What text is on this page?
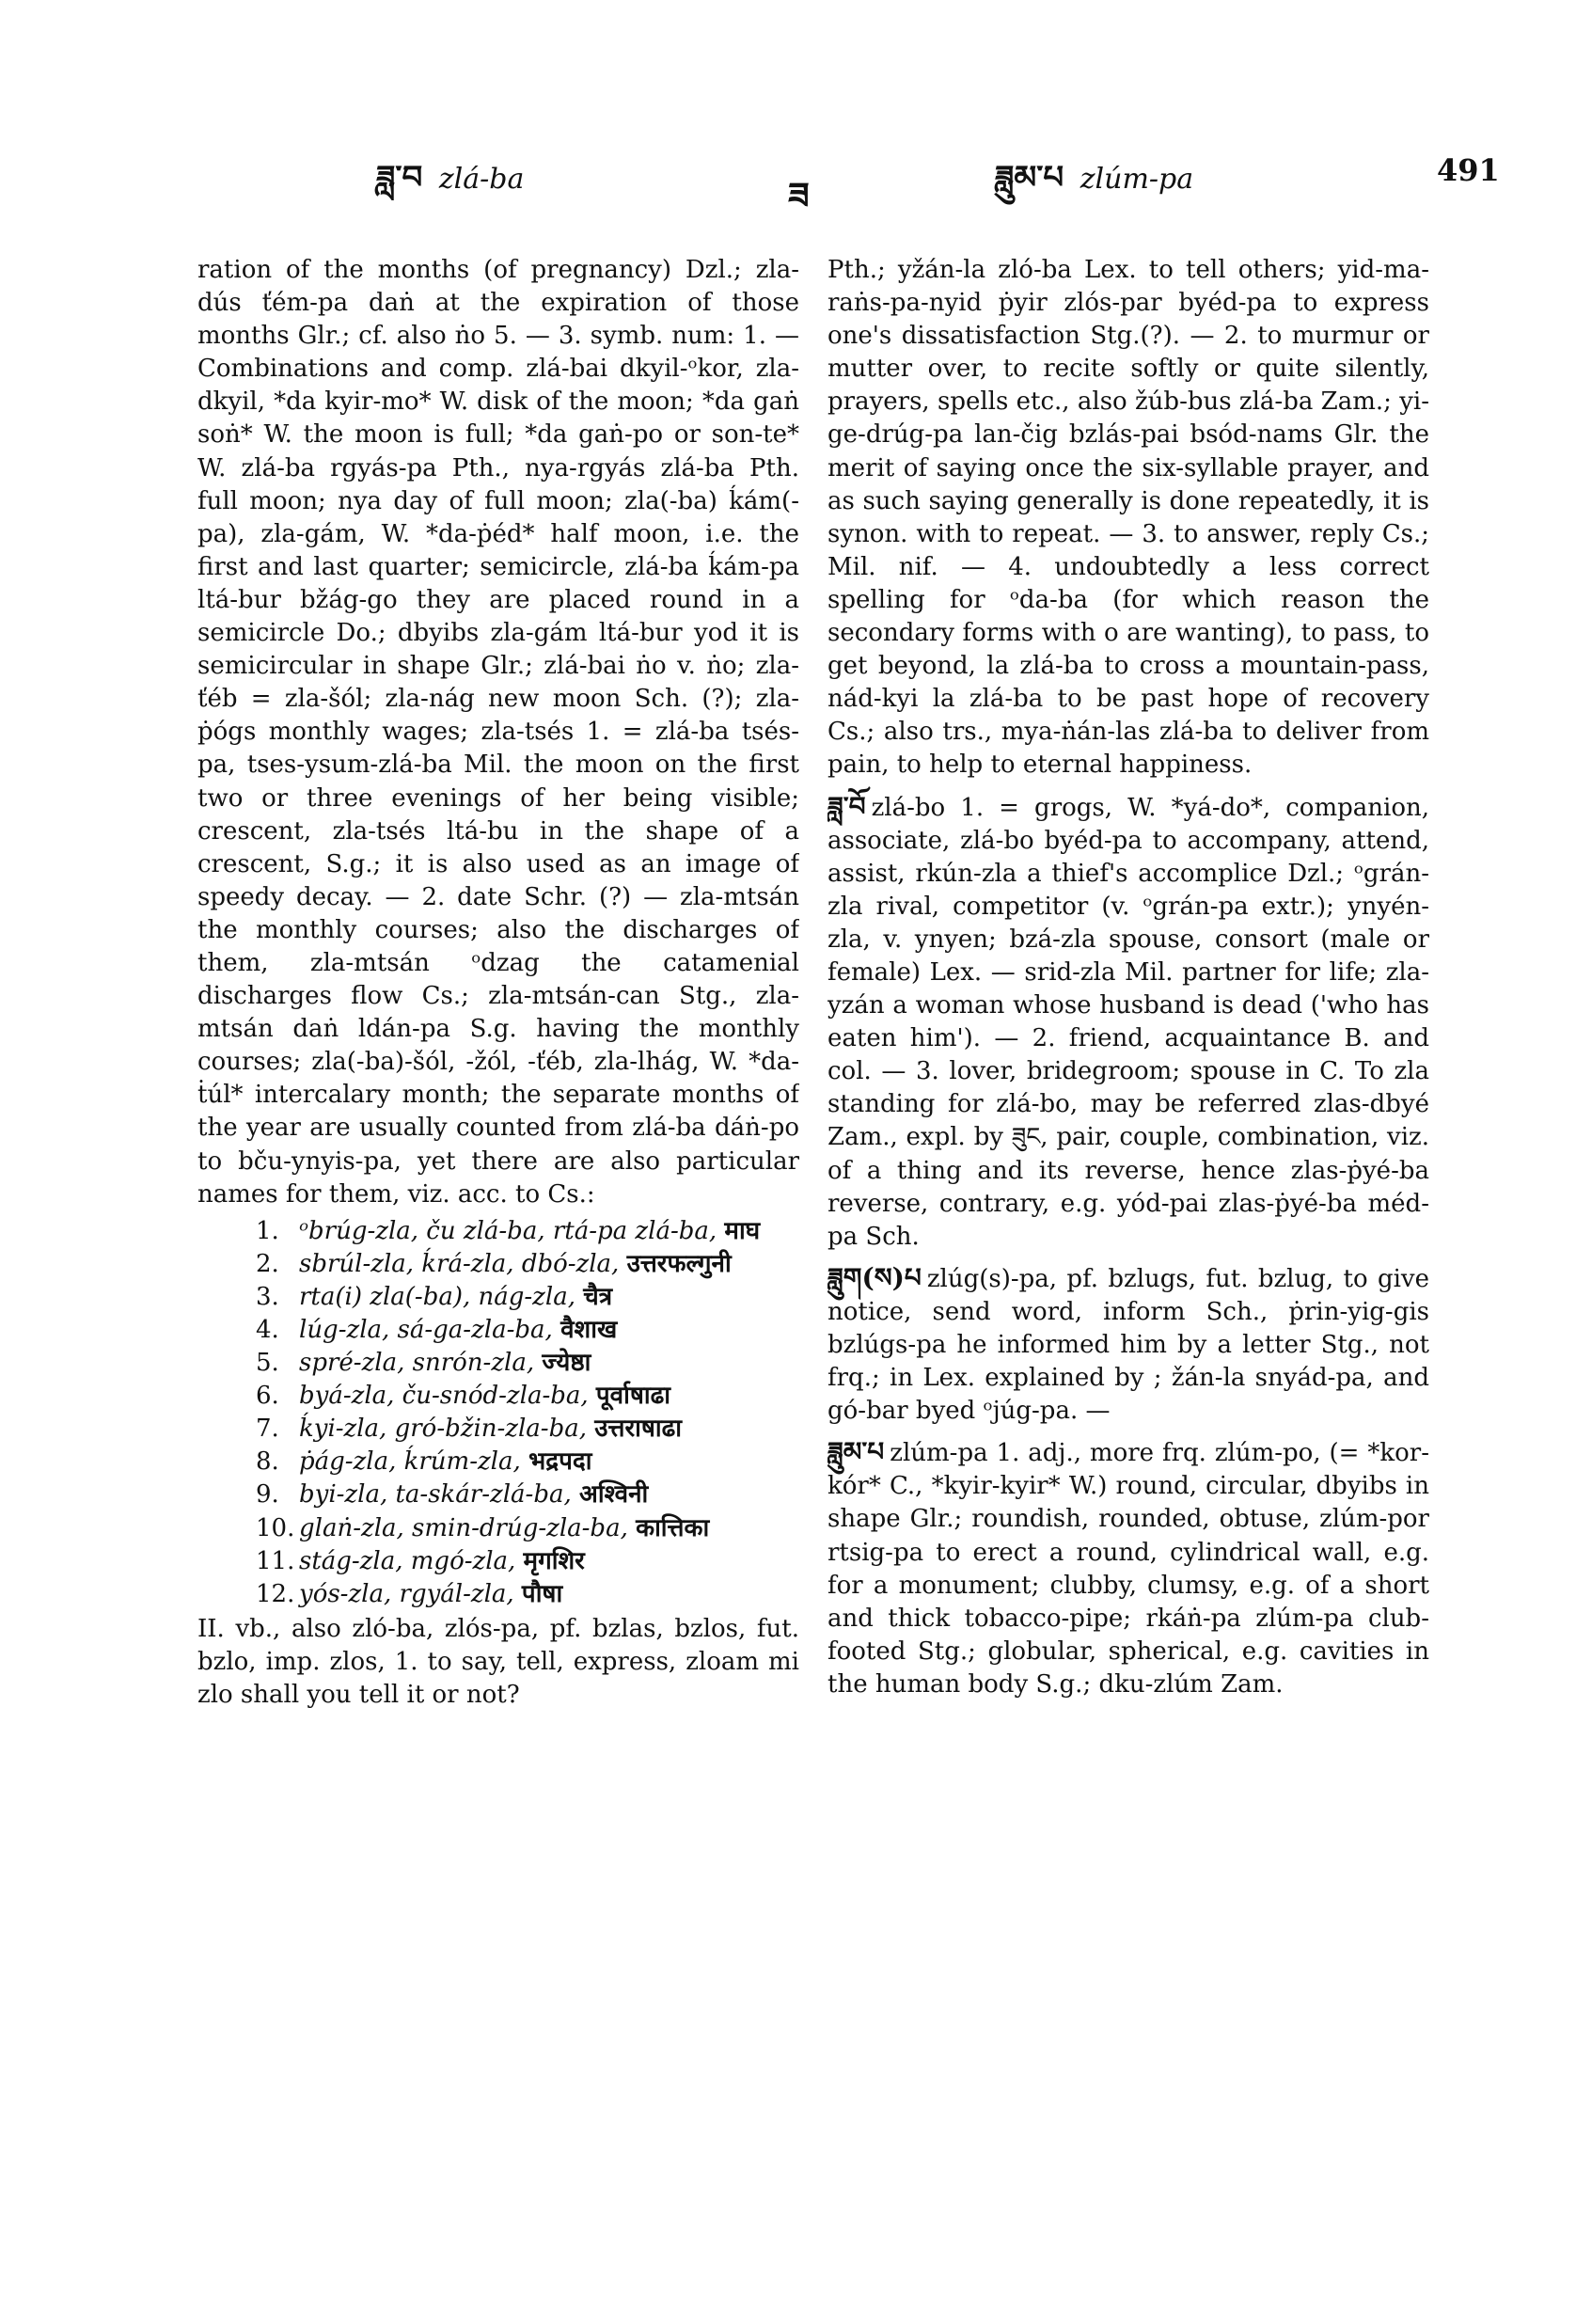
ཟླ་བ zlá-ba	ཟ	ཟླུམ་པ zlúm-pa	491

ration of the months (of pregnancy) Dzl.; zla-dús ťém-pa daṅ at the expiration of those months Glr.; cf. also ṅo 5. — 3. symb. num: 1. — Combinations and comp. zlá-bai dkyil-ᵒkor, zla-dkyil, *da kyir-mo* W. disk of the moon; *da gaṅ soṅ* W. the moon is full; *da gaṅ-po or son-te* W. zlá-ba rgyás-pa Pth., nya-rgyás zlá-ba Pth. full moon; nya day of full moon; zla(-ba) ḱám(-pa), zla-gám, W. *da-ṗéd* half moon, i.e. the first and last quarter; semicircle, zlá-ba ḱám-pa ltá-bur bžág-go they are placed round in a semicircle Do.; dbyibs zla-gám ltá-bur yod it is semicircular in shape Glr.; zlá-bai ṅo v. ṅo; zla-ťéb = zla-šól; zla-nág new moon Sch. (?); zla-ṗógs monthly wages; zla-tsés 1. = zlá-ba tsés-pa, tses-ysum-zlá-ba Mil. the moon on the first two or three evenings of her being visible; crescent, zla-tsés ltá-bu in the shape of a crescent, S.g.; it is also used as an image of speedy decay. — 2. date Schr. (?) — zla-mtsán the monthly courses; also the discharges of them, zla-mtsán ᵒdzag the catamenial discharges flow Cs.; zla-mtsán-can Stg., zla-mtsán daṅ ldán-pa S.g. having the monthly courses; zla(-ba)-šól, -žól, -ťéb, zla-lhág, W. *da-ṫúl* intercalary month; the separate months of the year are usually counted from zlá-ba dáṅ-po to bču-ynyis-pa, yet there are also particular names for them, viz. acc. to Cs.:

1. ᵒbrúg-zla, ču zlá-ba, rtá-pa zlá-ba, माघ
2. sbrúl-zla, ḱrá-zla, dbó-zla, उत्तरफल्गुनी
3. rta(i) zla(-ba), nág-zla, चैत्र
4. lúg-zla, sá-ga-zla-ba, वैशाख
5. spré-zla, snrón-zla, ज्येष्ठा
6. byá-zla, ču-snód-zla-ba, पूर्वाषाढा
7. ḱyi-zla, gró-bžin-zla-ba, उत्तराषाढा
8. ṗág-zla, ḱrúm-zla, भद्रपदा
9. byi-zla, ta-skár-zlá-ba, अश्विनी
10. glaṅ-zla, smin-drúg-zla-ba, कात्तिका
11. stág-zla, mgó-zla, मृगशिर
12. yós-zla, rgyál-zla, पौषा

II. vb., also zló-ba, zlós-pa, pf. bzlas, bzlos, fut. bzlo, imp. zlos, 1. to say, tell, express, zloam mi zlo shall you tell it or not?

Pth.; yžán-la zló-ba Lex. to tell others; yid-ma-raṅs-pa-nyid ṗyir zlós-par byéd-pa to express one's dissatisfaction Stg.(?). — 2. to murmur or mutter over, to recite softly or quite silently, prayers, spells etc., also žúb-bus zlá-ba Zam.; yi-ge-drúg-pa lan-čig bzlás-pai bsód-nams Glr. the merit of saying once the six-syllable prayer, and as such saying generally is done repeatedly, it is synon. with to repeat. — 3. to answer, reply Cs.; Mil. nif. — 4. undoubtedly a less correct spelling for ᵒda-ba (for which reason the secondary forms with o are wanting), to pass, to get beyond, la zlá-ba to cross a mountain-pass, nád-kyi la zlá-ba to be past hope of recovery Cs.; also trs., mya-ṅán-las zlá-ba to deliver from pain, to help to eternal happiness.

ཟླ་བོ zlá-bo 1. = grogs, W. *yá-do*, companion, associate, zlá-bo byéd-pa to accompany, attend, assist, rkún-zla a thief's accomplice Dzl.; ᵒgrán-zla rival, competitor (v. ᵒgrán-pa extr.); ynyén-zla, v. ynyen; bzá-zla spouse, consort (male or female) Lex. — srid-zla Mil. partner for life; zla-yzán a woman whose husband is dead ('who has eaten him'). — 2. friend, acquaintance B. and col. — 3. lover, bridegroom; spouse in C. To zla standing for zlá-bo, may be referred zlas-dbyé Zam., expl. by ཟུང, pair, couple, combination, viz. of a thing and its reverse, hence zlas-ṗyé-ba reverse, contrary, e.g. yód-pai zlas-ṗyé-ba méd-pa Sch.

ཟླུག(ས)པ zlúg(s)-pa, pf. bzlugs, fut. bzlug, to give notice, send word, inform Sch., ṗrin-yig-gis bzlúgs-pa he informed him by a letter Stg., not frq.; in Lex. explained by ; žán-la snyád-pa, and gó-bar byed ᵒjúg-pa. —

ཟླུམ་པ zlúm-pa 1. adj., more frq. zlúm-po, (= *kor-kór* C., *kyir-kyir* W.) round, circular, dbyibs in shape Glr.; roundish, rounded, obtuse, zlúm-por rtsig-pa to erect a round, cylindrical wall, e.g. for a monument; clubby, clumsy, e.g. of a short and thick tobacco-pipe; rkáṅ-pa zlúm-pa club-footed Stg.; globular, spherical, e.g. cavities in the human body S.g.; dku-zlúm Zam.
